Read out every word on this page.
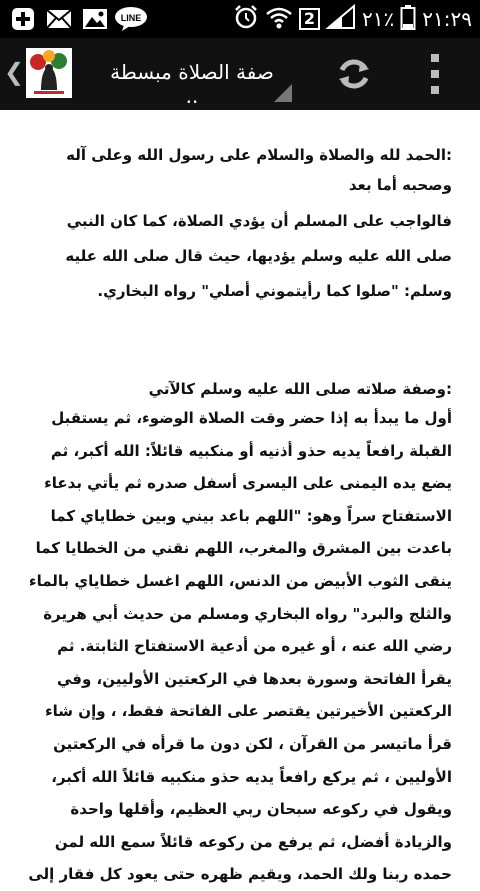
LINE	2 ٢١٪ ٢١:٢٩
❮	صفة الصلاة مبسطة ..

:الحمد لله والصلاة والسلام على رسول الله وعلى آله وصحبه أما بعد

فالواجب على المسلم أن يؤدي الصلاة، كما كان النبي صلى الله عليه وسلم يؤديها، حيث قال صلى الله عليه وسلم: "صلوا كما رأيتموني أصلي" رواه البخاري.

:وصفة صلاته صلى الله عليه وسلم كالآتي

أول ما يبدأ به إذا حضر وقت الصلاة الوضوء، ثم يستقبل القبلة رافعاً يديه حذو أذنيه أو منكبيه قائلاً: الله أكبر، ثم يضع يده اليمنى على اليسرى أسفل صدره ثم يأتي بدعاء الاستفتاح سراً وهو: "اللهم باعد بيني وبين خطاياي كما باعدت بين المشرق والمغرب، اللهم نقني من الخطايا كما ينقى الثوب الأبيض من الدنس، اللهم اغسل خطاياي بالماء والثلج والبرد" رواه البخاري ومسلم من حديث أبي هريرة رضي الله عنه ، أو غيره من أدعية الاستفتاح الثابتة. ثم يقرأ الفاتحة وسورة بعدها في الركعتين الأوليين، وفي الركعتين الأخيرتين يقتصر على الفاتحة فقط، ، وإن شاء قرأ ماتيسر من القرآن ، لكن دون ما قرأه في الركعتين الأوليين ، ثم يركع رافعاً يديه حذو منكبيه قائلاً الله أكبر، ويقول في ركوعه سبحان ربي العظيم، وأقلها واحدة والزيادة أفضل، ثم يرفع من ركوعه قائلاً سمع الله لمن حمده ربنا ولك الحمد، ويقيم ظهره حتى يعود كل فقار إلى
